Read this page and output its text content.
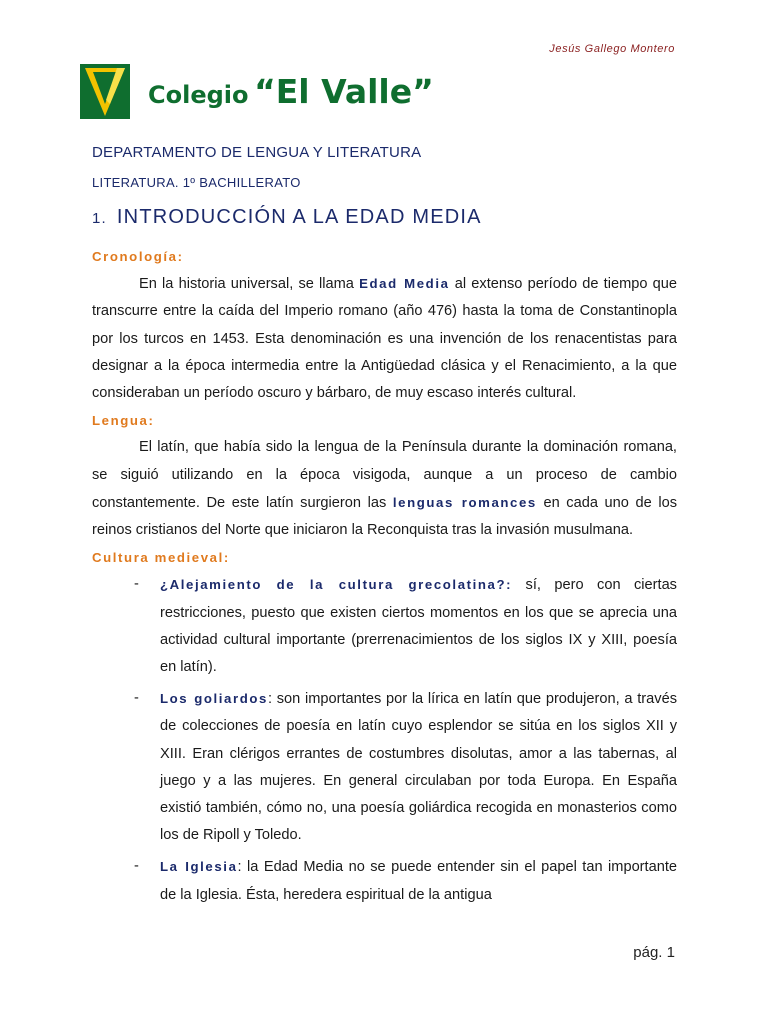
Jesús Gallego Montero
Colegio “El Valle”
DEPARTAMENTO DE LENGUA Y LITERATURA
LITERATURA. 1º BACHILLERATO
1. INTRODUCCIÓN A LA EDAD MEDIA
Cronología:

En la historia universal, se llama Edad Media al extenso período de tiempo que transcurre entre la caída del Imperio romano (año 476) hasta la toma de Constantinopla por los turcos en 1453. Esta denominación es una invención de los renacentistas para designar a la época intermedia entre la Antigüedad clásica y el Renacimiento, a la que consideraban un período oscuro y bárbaro, de muy escaso interés cultural.

Lengua:

El latín, que había sido la lengua de la Península durante la dominación romana, se siguió utilizando en la época visigoda, aunque a un proceso de cambio constantemente. De este latín surgieron las lenguas romances en cada uno de los reinos cristianos del Norte que iniciaron la Reconquista tras la invasión musulmana.

Cultura medieval:
- ¿Alejamiento de la cultura grecolatina?: sí, pero con ciertas restricciones, puesto que existen ciertos momentos en los que se aprecia una actividad cultural importante (prerrenacimientos de los siglos IX y XIII, poesía en latín).
- Los goliardos: son importantes por la lírica en latín que produjeron, a través de colecciones de poesía en latín cuyo esplendor se sitúa en los siglos XII y XIII. Eran clérigos errantes de costumbres disolutas, amor a las tabernas, al juego y a las mujeres. En general circulaban por toda Europa. En España existió también, cómo no, una poesía goliárdica recogida en monasterios como los de Ripoll y Toledo.
- La Iglesia: la Edad Media no se puede entender sin el papel tan importante de la Iglesia. Ésta, heredera espiritual de la antigua
pág. 1
